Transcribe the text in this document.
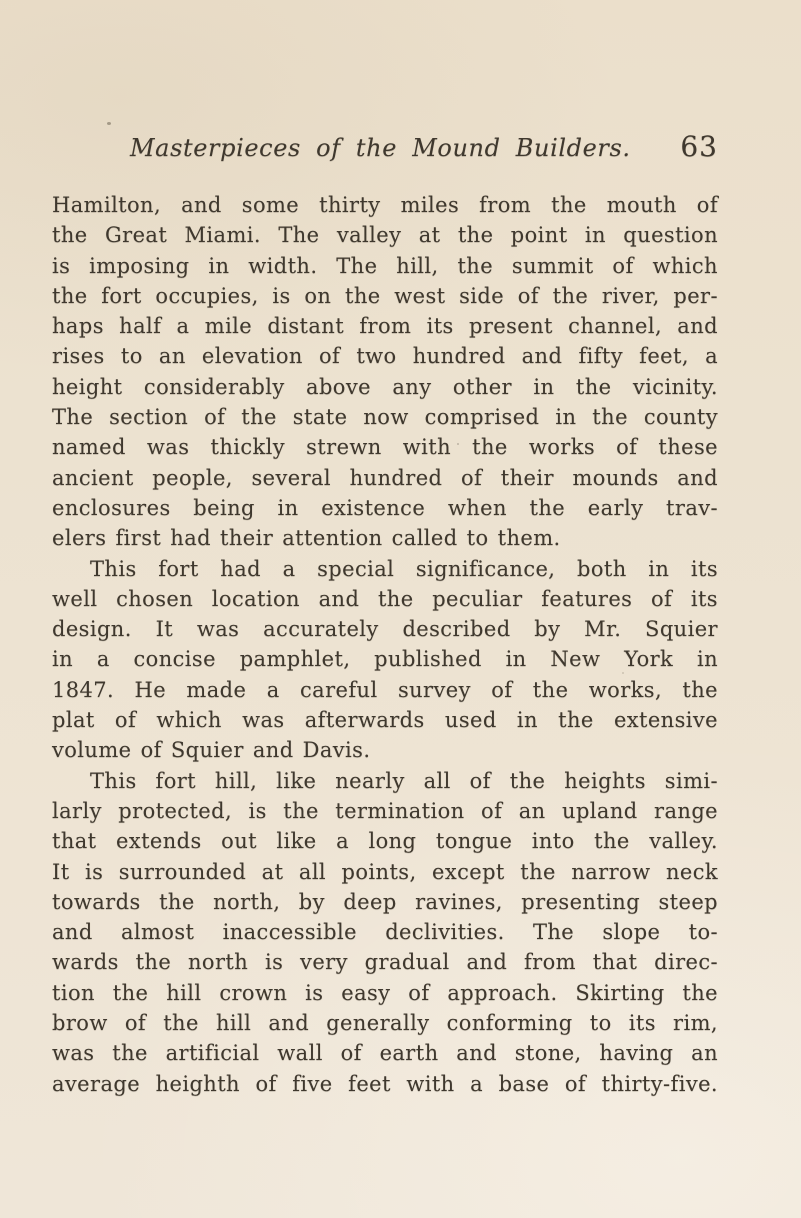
Masterpieces of the Mound Builders. 63
Hamilton, and some thirty miles from the mouth of
the Great Miami. The valley at the point in question
is imposing in width. The hill, the summit of which
the fort occupies, is on the west side of the river, per-
haps half a mile distant from its present channel, and
rises to an elevation of two hundred and fifty feet, a
height considerably above any other in the vicinity.
The section of the state now comprised in the county
named was thickly strewn with the works of these
ancient people, several hundred of their mounds and
enclosures being in existence when the early trav-
elers first had their attention called to them.
This fort had a special significance, both in its
well chosen location and the peculiar features of its
design. It was accurately described by Mr. Squier
in a concise pamphlet, published in New York in
1847. He made a careful survey of the works, the
plat of which was afterwards used in the extensive
volume of Squier and Davis.
This fort hill, like nearly all of the heights simi-
larly protected, is the termination of an upland range
that extends out like a long tongue into the valley.
It is surrounded at all points, except the narrow neck
towards the north, by deep ravines, presenting steep
and almost inaccessible declivities. The slope to-
wards the north is very gradual and from that direc-
tion the hill crown is easy of approach. Skirting the
brow of the hill and generally conforming to its rim,
was the artificial wall of earth and stone, having an
average heighth of five feet with a base of thirty-five.
